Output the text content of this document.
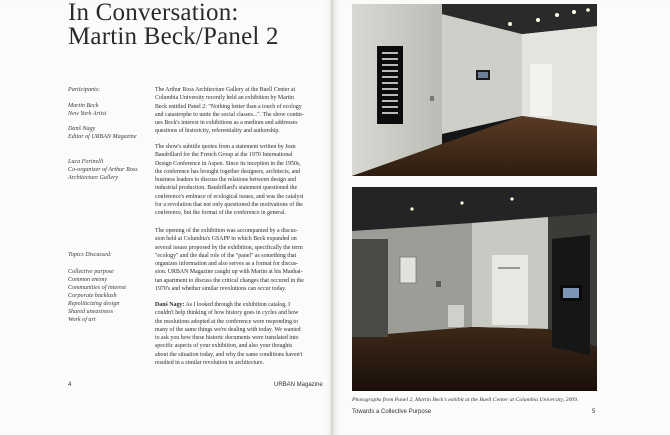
In Conversation:
Martin Beck/Panel 2
Participants:
Martin Beck
New York Artist
Danš Nagy
Editor of URBAN Magazine
Luca Forinelli
Co-organizer of Arthur Ross
Architecture Gallery
Topics Discussed:
Collective purpose
Common enemy
Communities of interest
Corporate backlash
Repoliticizing design
Shared uneasiness
Work of art
The Arthur Ross Architecture Gallery at the Buell Center at
Columbia University recently held an exhibition by Martin
Beck entitled Panel 2: "Nothing better than a touch of ecology
and catastrophe to unite the social classes...". The show contin-
ues Beck's interest in exhibitions as a medium and addresses
questions of historicity, referentiality and authorship.
The show's subtitle quotes from a statement written by Jean
Baudrillard for the French Group at the 1970 International
Design Conference in Aspen. Since its inception in the 1950s,
the conference has brought together designers, architects, and
business leaders to discuss the relations between design and
industrial production. Baudrillard's statement questioned the
conference's embrace of ecological issues, and was the catalyst
for a revolution that not only questioned the motivations of the
conference, but the format of the conference in general.
The opening of the exhibition was accompanied by a discus-
sion held at Columbia's GSAPP in which Beck expanded on
several issues proposed by the exhibition, specifically the term
"ecology" and the dual role of the "panel" as something that
organizes information and also serves as a format for discus-
sion. URBAN Magazine caught up with Martin at his Manhat-
tan apartment to discuss the critical changes that occured in the
1970's and whether similar revolutions can occur today.
Danš Nagy: As I looked through the exhibition catalog, I
couldn't help thinking of how history goes in cycles and how
the resolutions adopted at the conference were responding to
many of the same things we're dealing with today. We wanted
to ask you how these historic documents were translated into
specific aspects of your exhibition, and also your thoughts
about the situation today, and why the same conditions haven't
resulted in a similar revolution in architecture.
4	URBAN Magazine
Photographs from Panel 2, Martin Beck's exhibit at the Buell Center at Columbia University, 2009.
Towards a Collective Purpose	5
